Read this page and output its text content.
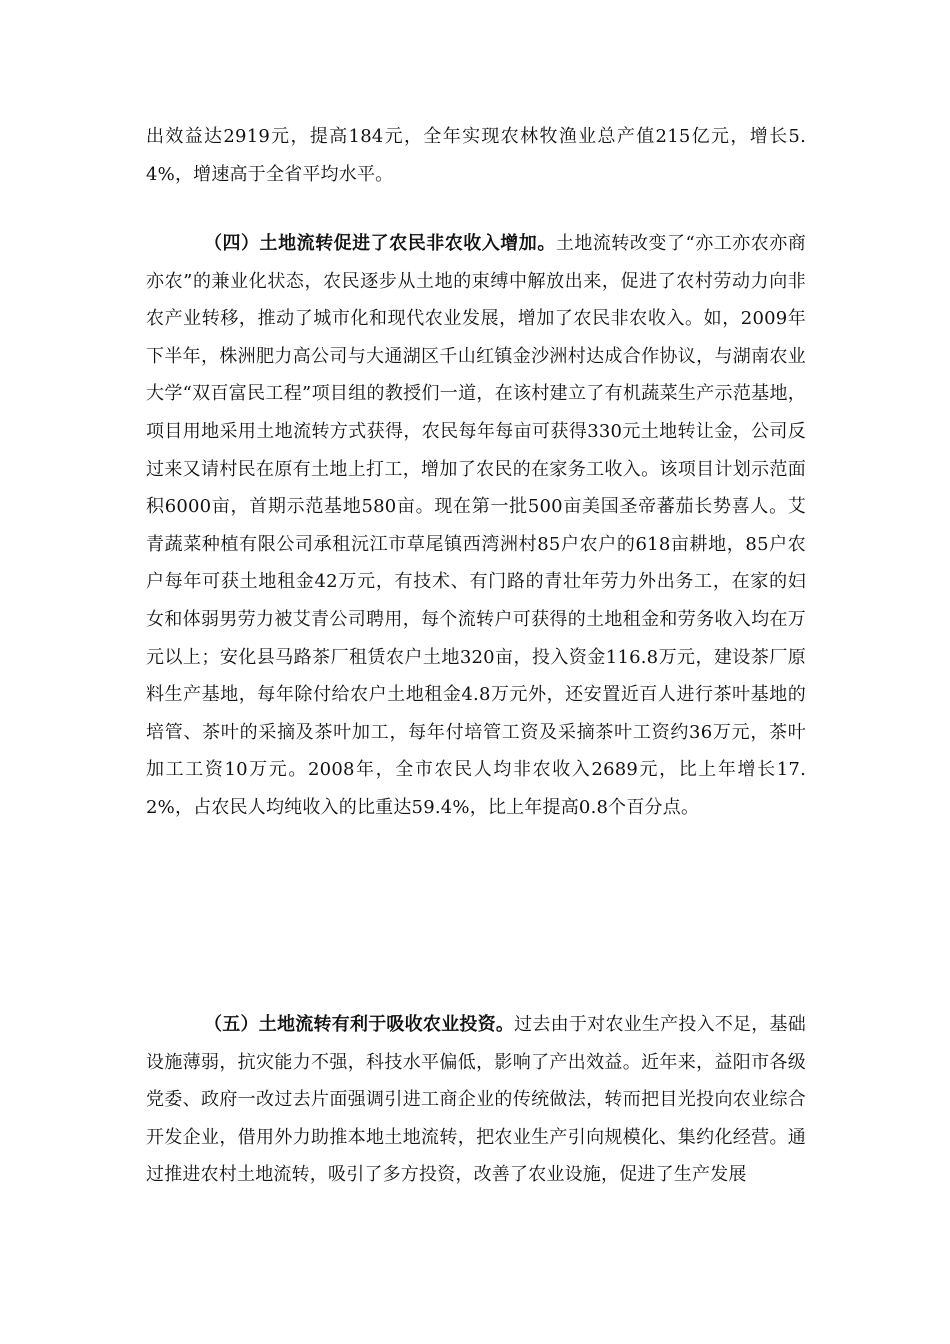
出效益达2919元，提高184元，全年实现农林牧渔业总产值215亿元，增长5.4%，增速高于全省平均水平。

（四）土地流转促进了农民非农收入增加。土地流转改变了“亦工亦农亦商亦农”的兼业化状态，农民逐步从土地的束缚中解放出来，促进了农村劳动力向非农产业转移，推动了城市化和现代农业发展，增加了农民非农收入。如，2009年下半年，株洲肥力高公司与大通湖区千山红镇金沙洲村达成合作协议，与湖南农业大学“双百富民工程”项目组的教授们一道，在该村建立了有机蔬菜生产示范基地，项目用地采用土地流转方式获得，农民每年每亩可获得330元土地转让金，公司反过来又请村民在原有土地上打工，增加了农民的在家务工收入。该项目计划示范面积6000亩，首期示范基地580亩。现在第一批500亩美国圣帝蕃茄长势喜人。艾青蔬菜种植有限公司承租沅江市草尾镇西湾洲村85户农户的618亩耕地，85户农户每年可获土地租金42万元，有技术、有门路的青壮年劳力外出务工，在家的妇女和体弱男劳力被艾青公司聘用，每个流转户可获得的土地租金和劳务收入均在万元以上；安化县马路茶厂租赁农户土地320亩，投入资金116.8万元，建设茶厂原料生产基地，每年除付给农户土地租金4.8万元外，还安置近百人进行茶叶基地的培管、茶叶的采摘及茶叶加工，每年付培管工资及采摘茶叶工资约36万元，茶叶加工工资10万元。2008年，全市农民人均非农收入2689元，比上年增长17.2%，占农民人均纯收入的比重达59.4%，比上年提高0.8个百分点。

（五）土地流转有利于吸收农业投资。过去由于对农业生产投入不足，基础设施薄弱，抗灾能力不强，科技水平偏低，影响了产出效益。近年来，益阳市各级党委、政府一改过去片面强调引进工商企业的传统做法，转而把目光投向农业综合开发企业，借用外力助推本地土地流转，把农业生产引向规模化、集约化经营。通过推进农村土地流转，吸引了多方投资，改善了农业设施，促进了生产发展
